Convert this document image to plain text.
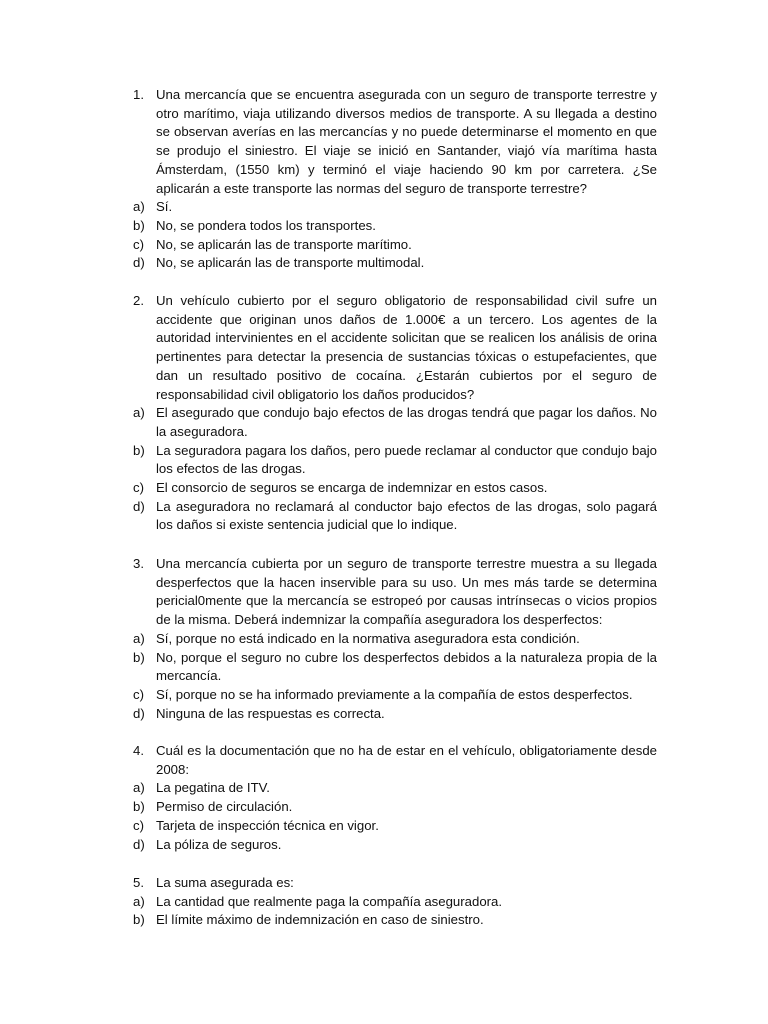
1. Una mercancía que se encuentra asegurada con un seguro de transporte terrestre y otro marítimo, viaja utilizando diversos medios de transporte. A su llegada a destino se observan averías en las mercancías y no puede determinarse el momento en que se produjo el siniestro. El viaje se inició en Santander, viajó vía marítima hasta Ámsterdam, (1550 km) y terminó el viaje haciendo 90 km por carretera. ¿Se aplicarán a este transporte las normas del seguro de transporte terrestre?
a) Sí.
b) No, se pondera todos los transportes.
c) No, se aplicarán las de transporte marítimo.
d) No, se aplicarán las de transporte multimodal.
2. Un vehículo cubierto por el seguro obligatorio de responsabilidad civil sufre un accidente que originan unos daños de 1.000€ a un tercero. Los agentes de la autoridad intervinientes en el accidente solicitan que se realicen los análisis de orina pertinentes para detectar la presencia de sustancias tóxicas o estupefacientes, que dan un resultado positivo de cocaína. ¿Estarán cubiertos por el seguro de responsabilidad civil obligatorio los daños producidos?
a) El asegurado que condujo bajo efectos de las drogas tendrá que pagar los daños. No la aseguradora.
b) La seguradora pagara los daños, pero puede reclamar al conductor que condujo bajo los efectos de las drogas.
c) El consorcio de seguros se encarga de indemnizar en estos casos.
d) La aseguradora no reclamará al conductor bajo efectos de las drogas, solo pagará los daños si existe sentencia judicial que lo indique.
3. Una mercancía cubierta por un seguro de transporte terrestre muestra a su llegada desperfectos que la hacen inservible para su uso. Un mes más tarde se determina pericial0mente que la mercancía se estropeó por causas intrínsecas o vicios propios de la misma. Deberá indemnizar la compañía aseguradora los desperfectos:
a) Sí, porque no está indicado en la normativa aseguradora esta condición.
b) No, porque el seguro no cubre los desperfectos debidos a la naturaleza propia de la mercancía.
c) Sí, porque no se ha informado previamente a la compañía de estos desperfectos.
d) Ninguna de las respuestas es correcta.
4. Cuál es la documentación que no ha de estar en el vehículo, obligatoriamente desde 2008:
a) La pegatina de ITV.
b) Permiso de circulación.
c) Tarjeta de inspección técnica en vigor.
d) La póliza de seguros.
5. La suma asegurada es:
a) La cantidad que realmente paga la compañía aseguradora.
b) El límite máximo de indemnización en caso de siniestro.
